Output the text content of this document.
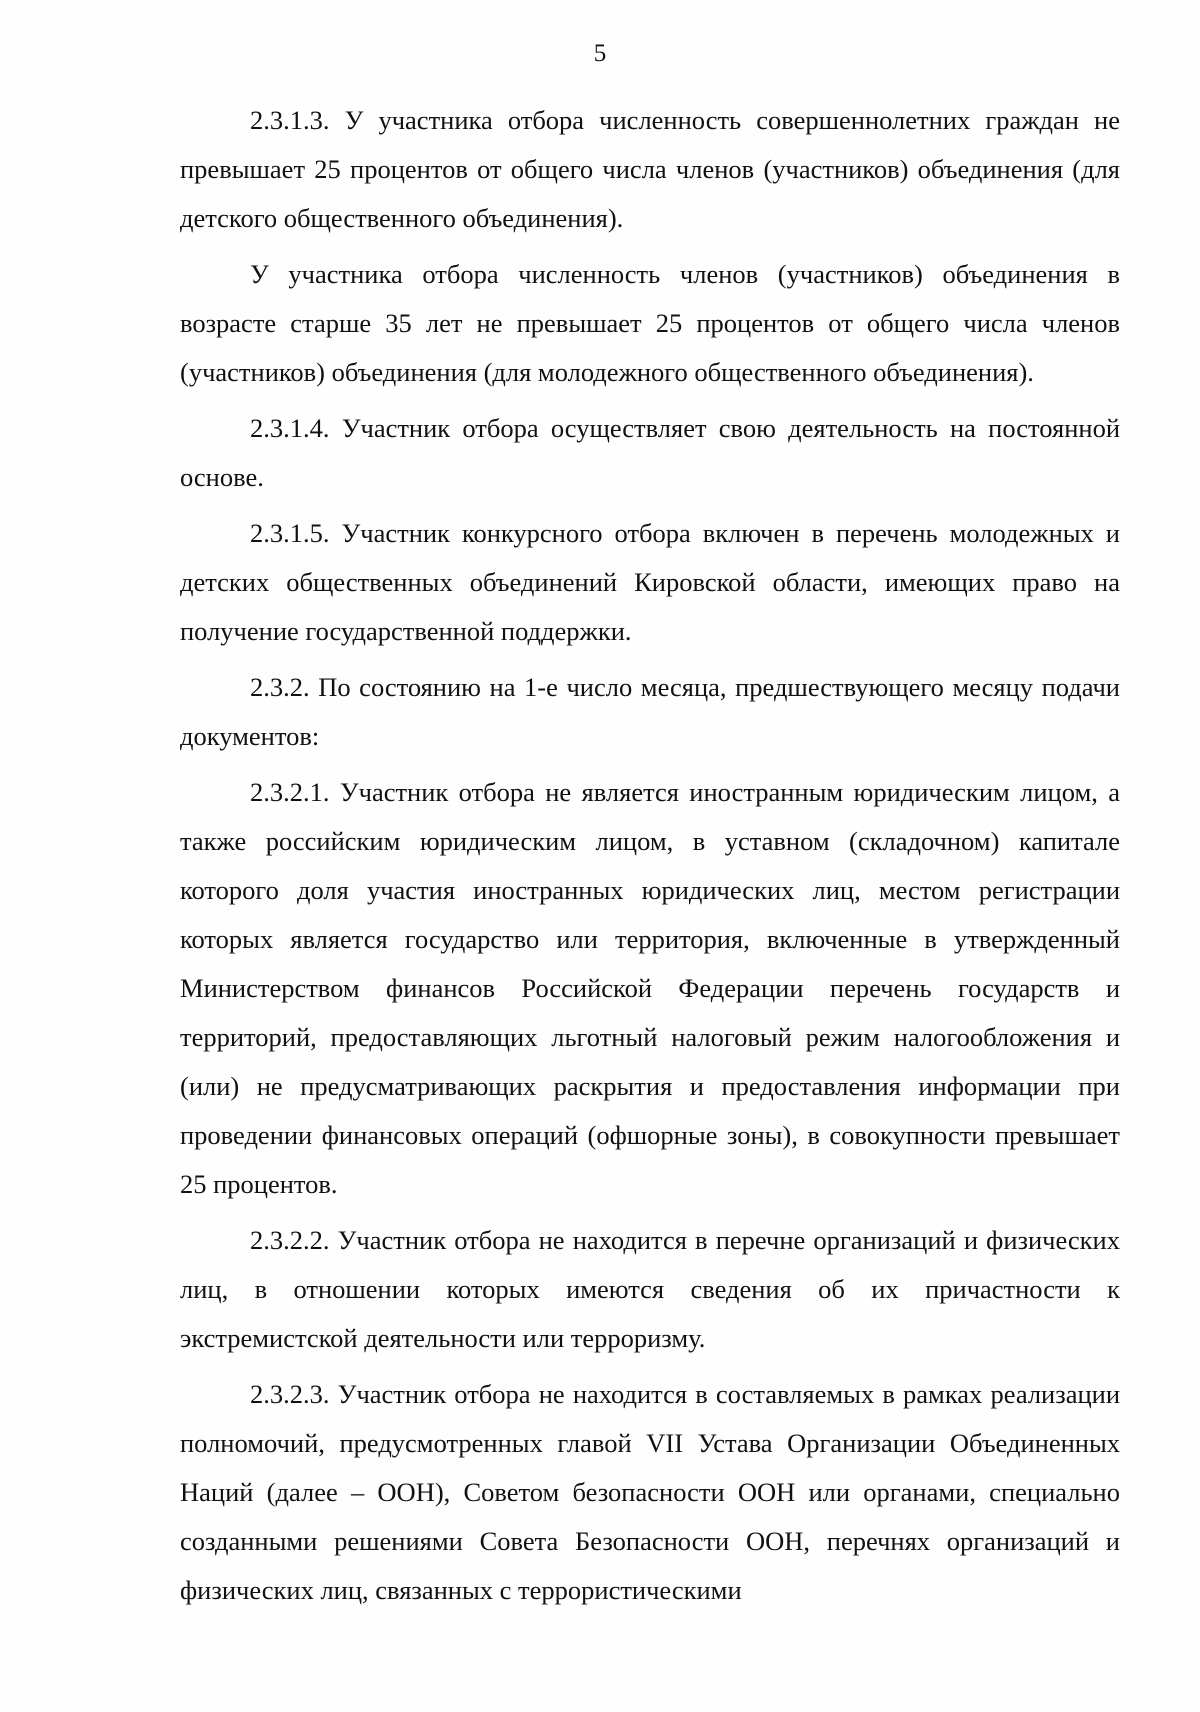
5

2.3.1.3. У участника отбора численность совершеннолетних граждан не превышает 25 процентов от общего числа членов (участников) объединения (для детского общественного объединения).

У участника отбора численность членов (участников) объединения в возрасте старше 35 лет не превышает 25 процентов от общего числа членов (участников) объединения (для молодежного общественного объединения).

2.3.1.4. Участник отбора осуществляет свою деятельность на постоянной основе.

2.3.1.5. Участник конкурсного отбора включен в перечень молодежных и детских общественных объединений Кировской области, имеющих право на получение государственной поддержки.

2.3.2. По состоянию на 1-е число месяца, предшествующего месяцу подачи документов:

2.3.2.1. Участник отбора не является иностранным юридическим лицом, а также российским юридическим лицом, в уставном (складочном) капитале которого доля участия иностранных юридических лиц, местом регистрации которых является государство или территория, включенные в утвержденный Министерством финансов Российской Федерации перечень государств и территорий, предоставляющих льготный налоговый режим налогообложения и (или) не предусматривающих раскрытия и предоставления информации при проведении финансовых операций (офшорные зоны), в совокупности превышает 25 процентов.

2.3.2.2. Участник отбора не находится в перечне организаций и физических лиц, в отношении которых имеются сведения об их причастности к экстремистской деятельности или терроризму.

2.3.2.3. Участник отбора не находится в составляемых в рамках реализации полномочий, предусмотренных главой VII Устава Организации Объединенных Наций (далее – ООН), Советом безопасности ООН или органами, специально созданными решениями Совета Безопасности ООН, перечнях организаций и физических лиц, связанных с террористическими
